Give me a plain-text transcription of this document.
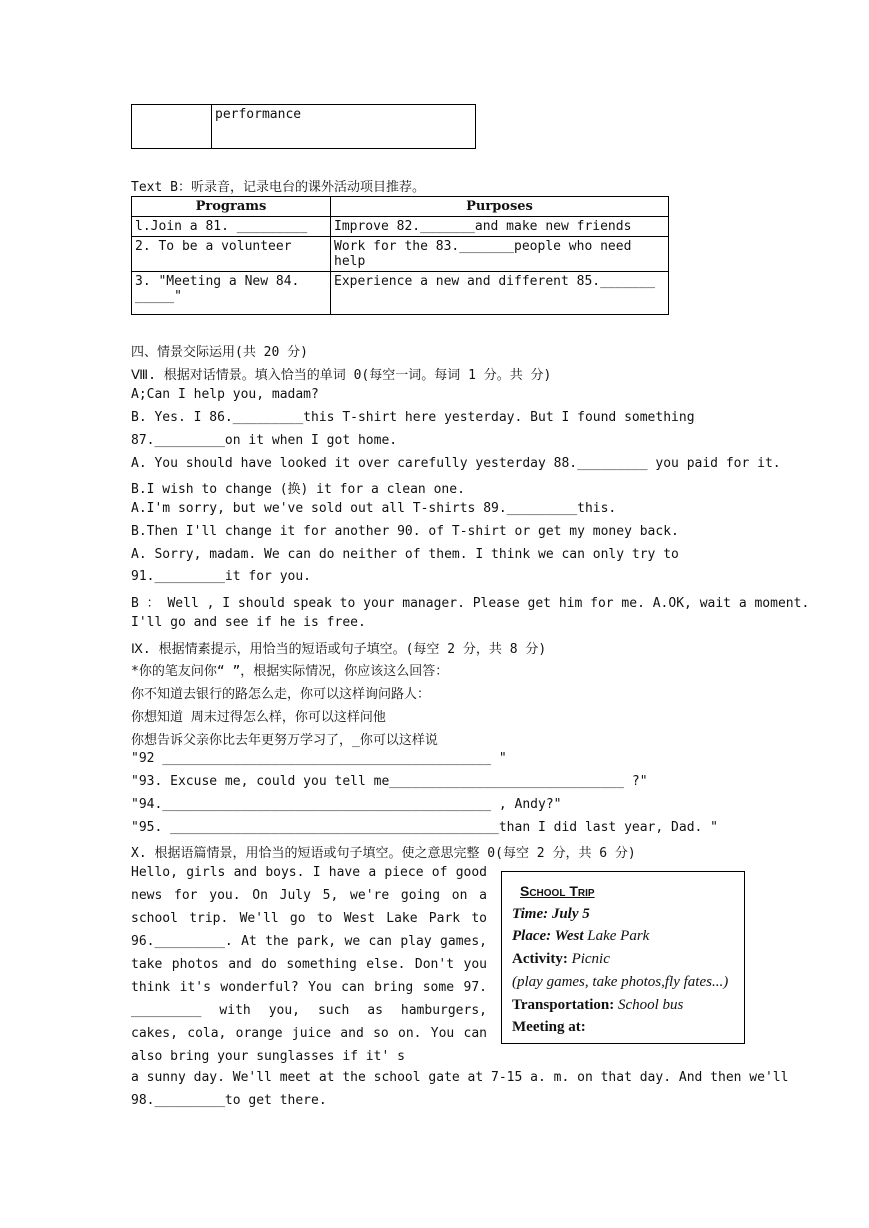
	performance
Text B：听录音，记录电台的课外活动项目推荐。
Programs	Purposes
l.Join a 81. _________	Improve 82._______and make new friends
2. To be a volunteer	Work for the 83._______people who need help
3. "Meeting a New 84.
_____"	Experience a new and different 85._______
四、情景交际运用(共 20 分)
Ⅷ. 根据对话情景。填入恰当的单词 0(每空一词。每词 1 分。共 分)
A;Can I help you, madam?
B. Yes. I 86._________this T-shirt here yesterday. But I found something
87._________on it when I got home.
A. You should have looked it over carefully yesterday 88._________ you paid for it.
B.I wish to change (换) it for a clean one.
A.I'm sorry, but we've sold out all T-shirts 89._________this.
B.Then I'll change it for another 90. of T-shirt or get my money back.
A. Sorry, madam. We can do neither of them. I think we can only try to
91._________it for you.
B ： Well , I should speak to your manager. Please get him for me. A.OK, wait a moment.
I'll go and see if he is free.
Ⅸ. 根据情素提示，用恰当的短语或句子填空。(每空 2 分，共 8 分)
*你的笔友问你“ ”，根据实际情况，你应该这么回答：
你不知道去银行的路怎么走，你可以这样询问路人：
你想知道 周末过得怎么样，你可以这样问他
你想告诉父亲你比去年更努万学习了，_你可以这样说
"92 __________________________________________ "
"93. Excuse me, could you tell me______________________________ ?"
"94.__________________________________________ , Andy?"
"95. __________________________________________than I did last year, Dad. "
X. 根据语篇情景，用恰当的短语或句子填空。使之意思完整 0(每空 2 分，共 6 分)
Hello, girls and boys. I have a piece of good news for you. On July 5, we're going on a school trip. We'll go to West Lake Park to 96._________. At the park, we can play games, take photos and do something else. Don't you think it's wonderful? You can bring some 97. _________ with you, such as hamburgers, cakes, cola, orange juice and so on. You can also bring your sunglasses if it' s
a sunny day. We'll meet at the school gate at 7-15 a. m. on that day. And then we'll
98._________to get there.
School Trip
Time: July 5
Place: West Lake Park
Activity: Picnic
(play games, take photos,fly fates...)
Transportation: School bus
Meeting at:
